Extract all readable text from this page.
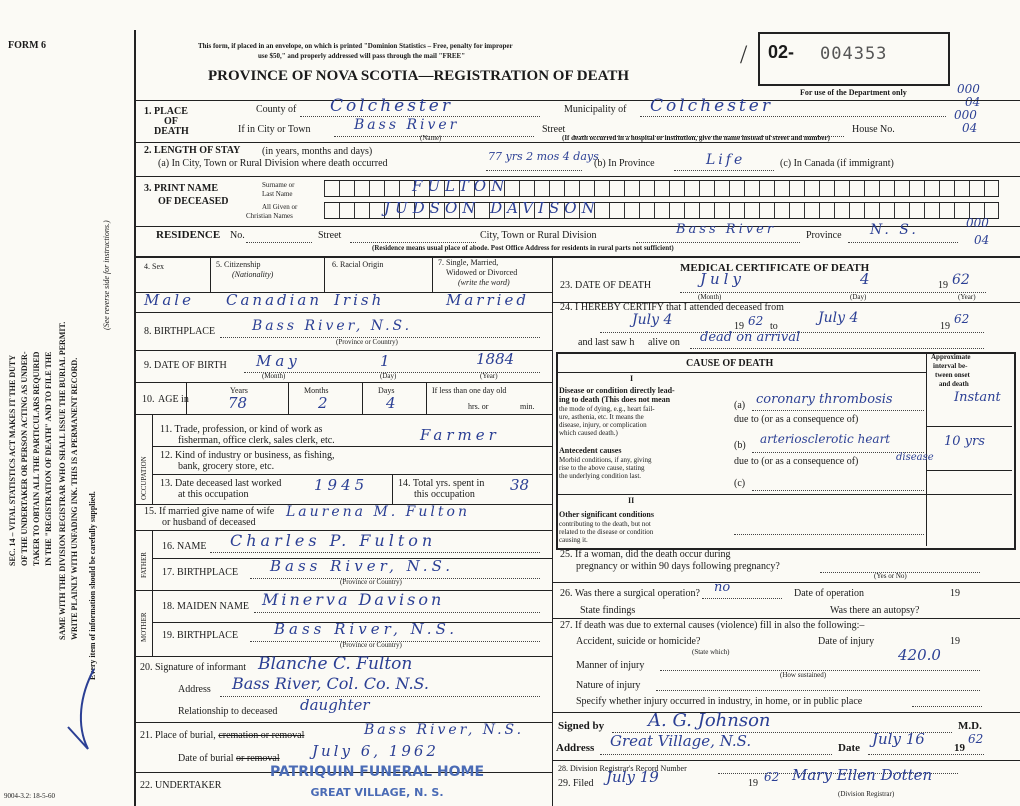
FORM 6	This form, if placed in an envelope, on which is printed "Dominion Statistics – Free, penalty for improper
use $50," and properly addressed will pass through the mail "FREE"
PROVINCE OF NOVA SCOTIA—REGISTRATION OF DEATH
/ 02- 004353
For use of the Department only	000
04
SEC. 14 – VITAL STATISTICS ACT MAKES IT THE DUTY OF THE UNDERTAKER OR PERSON ACTING AS UNDER- TAKER TO OBTAIN ALL THE PARTICULARS REQUIRED IN THE "REGISTRATION OF DEATH" AND TO FILE THE SAME WITH THE DIVISION REGISTRAR WHO SHALL ISSUE THE BURIAL PERMIT. WRITE PLAINLY WITH UNFADING INK. THIS IS A PERMANENT RECORD. Every item of information should be carefully supplied.
(See reverse side for instructions.)
9004-3.2: 18-5-60
1. PLACE
OF
DEATH
County of Colchester	Municipality of Colchester
If in City or Town	Bass River
(Name)
Street	House No.
(If death occurred in a hospital or institution, give the name instead of street and number)
000
04
2. LENGTH OF STAY (in years, months and days)
(a) In City, Town or Rural Division where death occurred
77 yrs 2 mos 4 days
(b) In Province	Life	(c) In Canada (if immigrant)
3. PRINT NAME
OF DECEASED
Surname or
Last Name
All Given or
Christian Names
FULTON
JUDSON DAVISON
RESIDENCE No.	Street	City, Town or Rural Division	Bass River	Province N. S.
(Residence means usual place of abode. Post Office Address for residents in rural parts not sufficient)
000
04
4. Sex	5. Citizenship
(Nationality)
6. Racial Origin	7. Single, Married,
Widowed or Divorced
(write the word)
Male Canadian Irish	Married
8. BIRTHPLACE	Bass River, N.S.
(Province or Country)
9. DATE OF BIRTH May	1	1884
(Month)	(Day)	(Year)
10. AGE in
Years	Months	Days
78	2	4
If less than one day old
hrs. or	min.
OCCUPATION
11. Trade, profession, or kind of work as
fisherman, office clerk, sales clerk, etc.	Farmer
12. Kind of industry or business, as fishing,
bank, grocery store, etc.
13. Date deceased last worked
at this occupation
1945	14. Total yrs. spent in
this occupation
38
15. If married give name of wife
or husband of deceased
Laurena M. Fulton
FATHER
16. NAME Charles P. Fulton
17. BIRTHPLACE Bass River, N.S.
(Province or Country)
MOTHER
18. MAIDEN NAME Minerva Davison
19. BIRTHPLACE Bass River, N.S.
(Province or Country)
20. Signature of informant Blanche C. Fulton
Address Bass River, Col. Co. N.S.
Relationship to deceased daughter
21. Place of burial, cremation or removal	Bass River, N.S.
Date of burial or removal July 6, 1962
22. UNDERTAKER
PATRIQUIN FUNERAL HOME
GREAT VILLAGE, N. S.
MEDICAL CERTIFICATE OF DEATH
23. DATE OF DEATH	July	4	19 62
(Month)	(Day)	(Year)
24. I HEREBY CERTIFY that I attended deceased from
July 4	19 62 to
July 4
19
62
and last saw h alive on dead on arrival
CAUSE OF DEATH
Approximate
interval be-
tween onset
and death
I
Disease or condition directly lead-
ing to death (This does not mean
the mode of dying, e.g., heart fail-
ure, asthenia, etc. It means the
disease, injury, or complication
which caused death.)
(a) coronary thrombosis	Instant
due to (or as a consequence of)
Antecedent causes
Morbid conditions, if any, giving
rise to the above cause, stating
the underlying condition last.
(b) arteriosclerotic heart
disease
10 yrs
due to (or as a consequence of)
(c)
II
Other significant conditions
contributing to the death, but not
related to the disease or condition
causing it.
25. If a woman, did the death occur during
pregnancy or within 90 days following pregnancy?
(Yes or No)
26. Was there a surgical operation? no	Date of operation	19
State findings	Was there an autopsy?
27. If death was due to external causes (violence) fill in also the following:–
Accident, suicide or homicide?	Date of injury	19
(State which)	420.0
Manner of injury
(How sustained)
Nature of injury
Specify whether injury occurred in industry, in home, or in public place
Signed by A. G. Johnson	M.D.
Address Great Village, N.S.	Date July 16	19
62
28. Division Registrar's Record Number
29. Filed July 19	19 62 Mary Ellen Dotten
(Division Registrar)
